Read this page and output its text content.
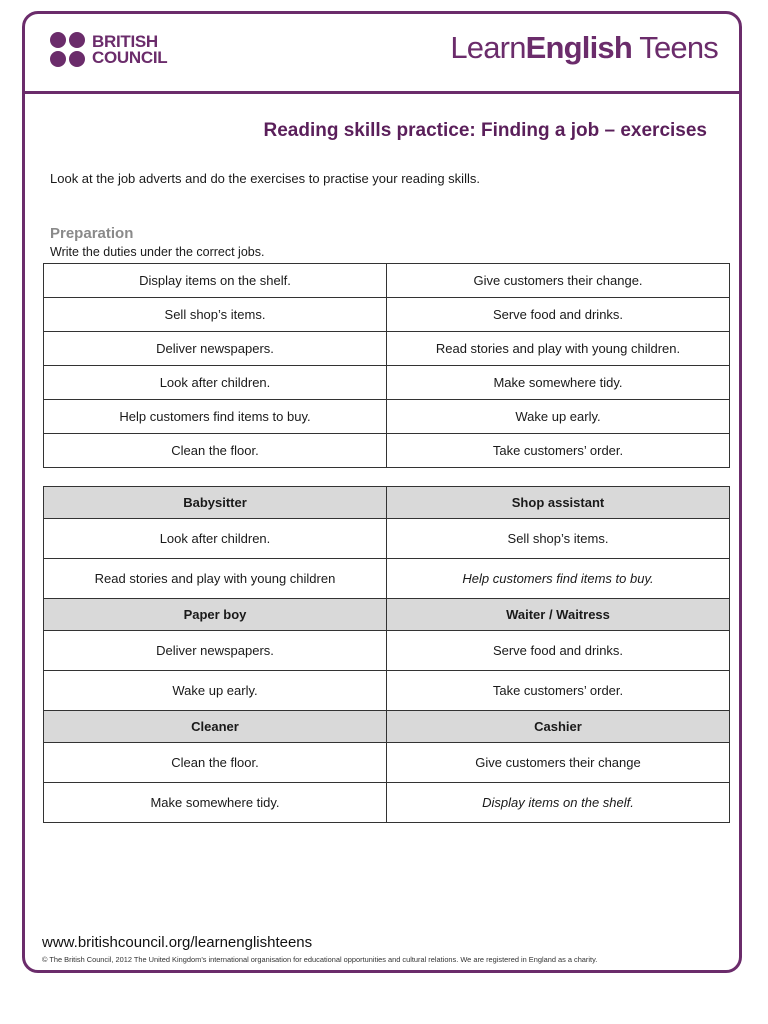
BRITISH
COUNCIL	LearnEnglish Teens
Reading skills practice: Finding a job – exercises
Look at the job adverts and do the exercises to practise your reading skills.
Preparation
Write the duties under the correct jobs.
Display items on the shelf.	Give customers their change.
Sell shop’s items.	Serve food and drinks.
Deliver newspapers.	Read stories and play with young children.
Look after children.	Make somewhere tidy.
Help customers find items to buy.	Wake up early.
Clean the floor.	Take customers’ order.
Babysitter	Shop assistant
Look after children.	Sell shop’s items.
Read stories and play with young children	Help customers find items to buy.
Paper boy	Waiter / Waitress
Deliver newspapers.	Serve food and drinks.
Wake up early.	Take customers’ order.
Cleaner	Cashier
Clean the floor.	Give customers their change
Make somewhere tidy.	Display items on the shelf.
www.britishcouncil.org/learnenglishteens
© The British Council, 2012 The United Kingdom’s international organisation for educational opportunities and cultural relations. We are registered in England as a charity.
